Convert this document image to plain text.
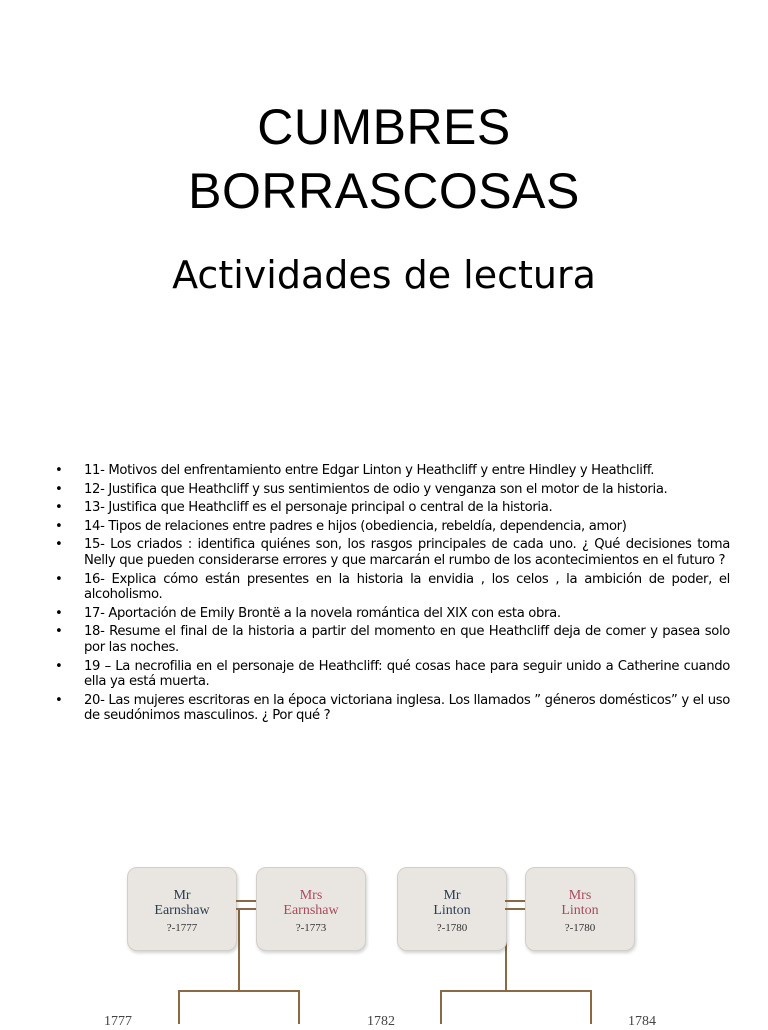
CUMBRES
BORRASCOSAS
Actividades de lectura
• 11- Motivos del enfrentamiento entre Edgar Linton y Heathcliff y entre Hindley y Heathcliff.
• 12- Justifica que Heathcliff y sus sentimientos de odio y venganza son el motor de la historia.
• 13- Justifica que Heathcliff es el personaje principal o central de la historia.
• 14- Tipos de relaciones entre padres e hijos (obediencia, rebeldía, dependencia, amor)
• 15- Los criados : identifica quiénes son, los rasgos principales de cada uno. ¿ Qué decisiones toma Nelly que pueden considerarse errores y que marcarán el rumbo de los acontecimientos en el futuro ?
• 16- Explica cómo están presentes en la historia la envidia , los celos , la ambición de poder, el alcoholismo.
• 17- Aportación de Emily Brontë a la novela romántica del XIX con esta obra.
• 18- Resume el final de la historia a partir del momento en que Heathcliff deja de comer y pasea solo por las noches.
• 19 – La necrofilia en el personaje de Heathcliff: qué cosas hace para seguir unido a Catherine cuando ella ya está muerta.
• 20- Las mujeres escritoras en la época victoriana inglesa. Los llamados ” géneros domésticos” y el uso de seudónimos masculinos. ¿ Por qué ?
Mr
Earnshaw
?-1777
Mrs
Earnshaw
?-1773
Mr
Linton
?-1780
Mrs
Linton
?-1780
1777	1782	1784
